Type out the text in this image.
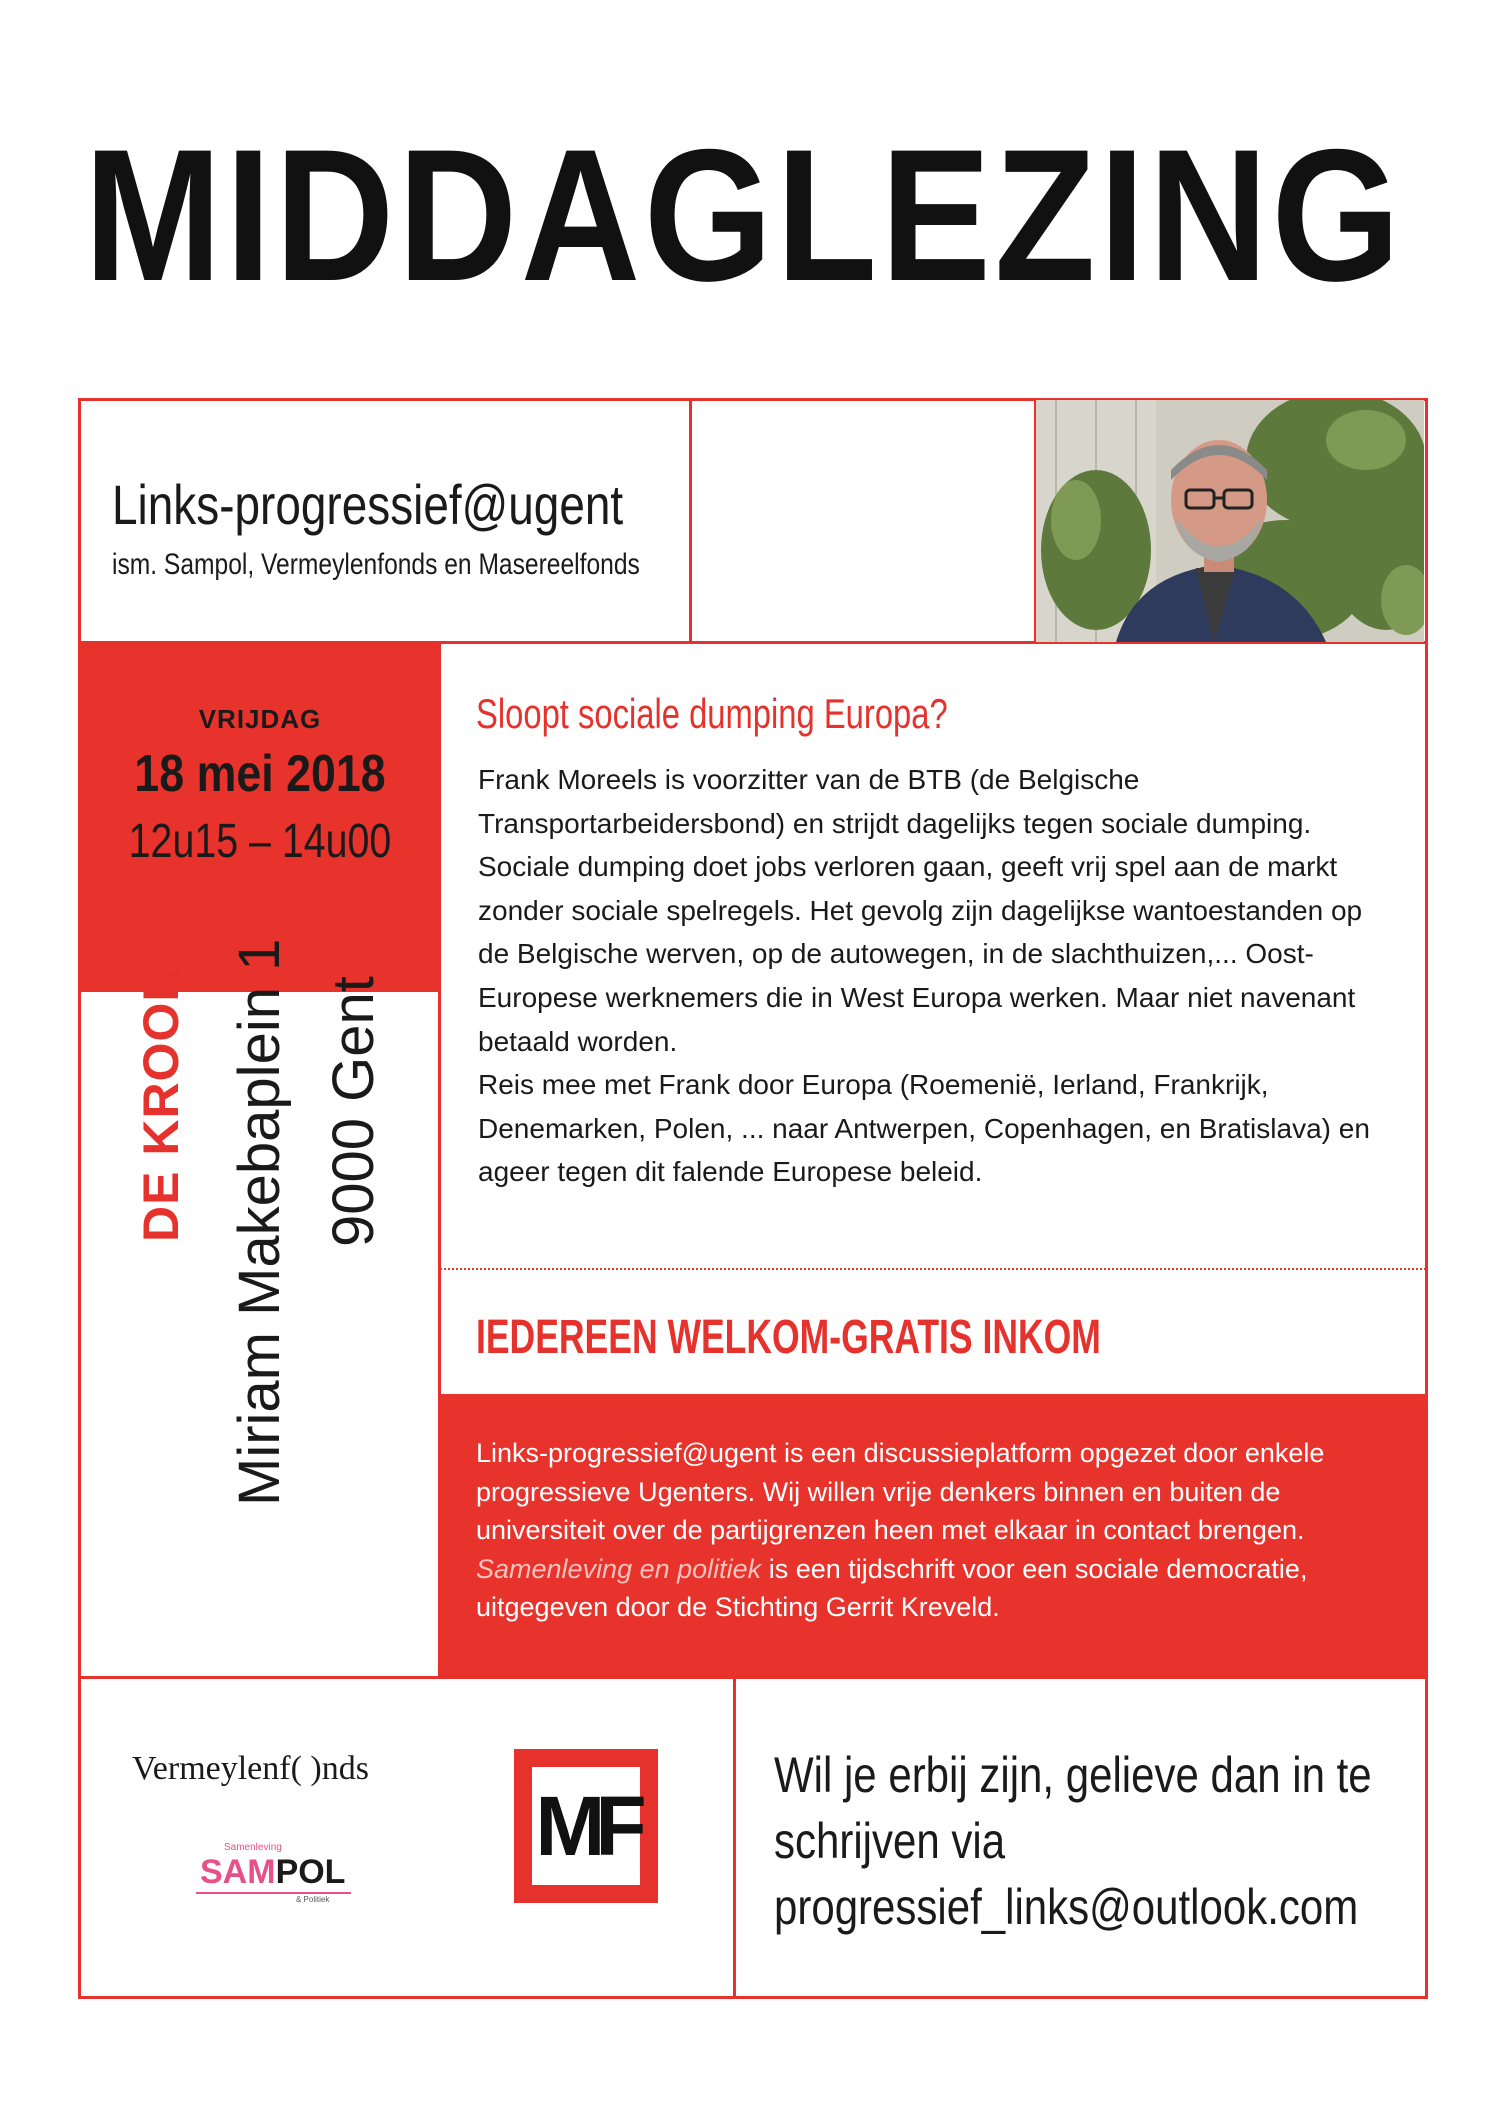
MIDDAGLEZING
Links-progressief@ugent
ism. Sampol, Vermeylenfonds en Masereelfonds
VRIJDAG
18 mei 2018
12u15 – 14u00
DE KROOK Miriam Makebaplein 1 9000 Gent
Sloopt sociale dumping Europa?

Frank Moreels is voorzitter van de BTB (de Belgische Transportarbeidersbond) en strijdt dagelijks tegen sociale dumping.

Sociale dumping doet jobs verloren gaan, geeft vrij spel aan de markt zonder sociale spelregels. Het gevolg zijn dagelijkse wantoestanden op de Belgische werven, op de autowegen, in de slachthuizen,... Oost-Europese werknemers die in West Europa werken. Maar niet navenant betaald worden.

Reis mee met Frank door Europa (Roemenië, Ierland, Frankrijk, Denemarken, Polen, ... naar Antwerpen, Copenhagen, en Bratislava) en ageer tegen dit falende Europese beleid.

IEDEREEN WELKOM-GRATIS INKOM
Links-progressief@ugent is een discussieplatform opgezet door enkele progressieve Ugenters. Wij willen vrije denkers binnen en buiten de universiteit over de partijgrenzen heen met elkaar in contact brengen.
Samenleving en politiek is een tijdschrift voor een sociale democratie, uitgegeven door de Stichting Gerrit Kreveld.
Vermeylenf( )nds
Samenleving
SAMPOL
& Politiek
MF
Wil je erbij zijn, gelieve dan in te schrijven via
progressief_links@outlook.com
